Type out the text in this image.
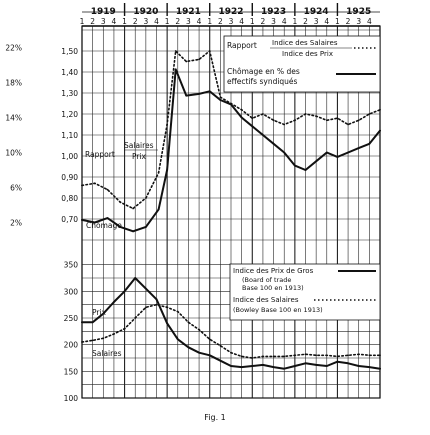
1919 1920 1921 1922 1923 1924 1925
1 2 3 4 1 2 3 4 1 2 3 4 1 2 3 4 1 2 3 4 1 2 3 4 1 2 3 4
0,70
0,80
0,90
1,00
1,10
1,20
1,30
1,40
1,50
2%
6%
10%
14%
18%
22%
100
150
200
250
300
350
Rapport Indice des Salaires
Indice des Prix
Chômage en % des
effectifs syndiqués
Indice des Prix de Gros
(Board of trade
Base 100 en 1913)
Indice des Salaires
(Bowley Base 100 en 1913)
Rapport
Salaires
Prix
Chômage
Prix
Salaires
Fig. 1
